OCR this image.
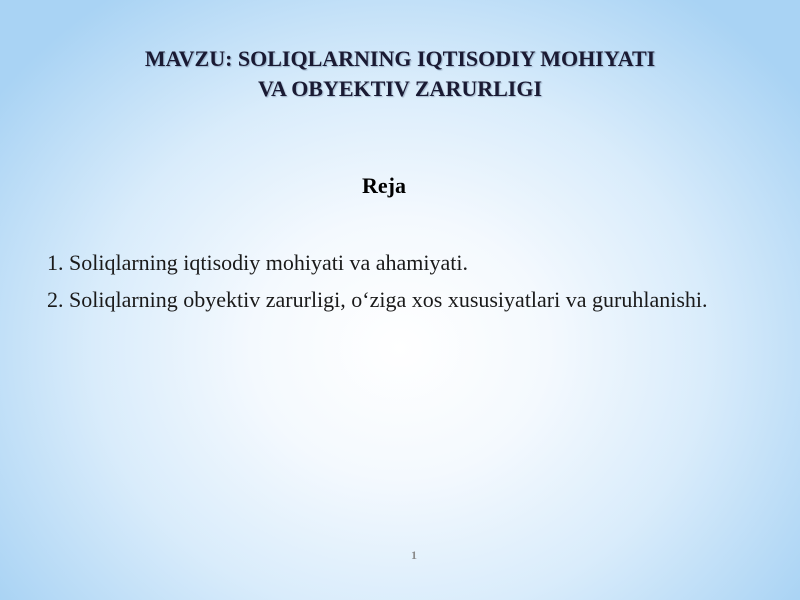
MAVZU: SOLIQLARNING IQTISODIY MOHIYATI
VA OBYEKTIV ZARURLIGI
Reja
1. Soliqlarning iqtisodiy mohiyati va ahamiyati.
2. Soliqlarning obyektiv zarurligi, o‘ziga xos xususiyatlari va guruhlanishi.
1
